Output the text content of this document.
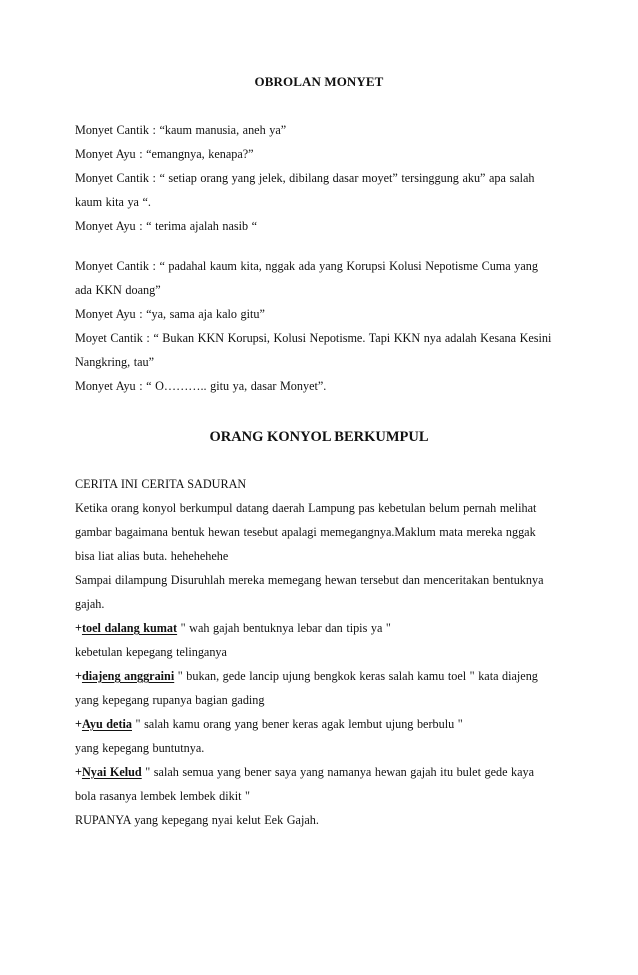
OBROLAN MONYET

Monyet Cantik : “kaum manusia, aneh ya”

Monyet Ayu : “emangnya, kenapa?”

Monyet Cantik : “ setiap orang yang jelek, dibilang dasar moyet” tersinggung aku” apa salah

kaum kita ya “.

Monyet Ayu : “ terima ajalah nasib “

Monyet Cantik : “ padahal kaum kita, nggak ada yang Korupsi Kolusi Nepotisme Cuma yang

ada KKN doang”

Monyet Ayu : “ya, sama aja kalo gitu”

Moyet Cantik : “ Bukan KKN Korupsi, Kolusi Nepotisme. Tapi KKN nya adalah Kesana Kesini

Nangkring, tau”

Monyet Ayu : “ O……….. gitu ya, dasar Monyet”.

ORANG KONYOL BERKUMPUL

CERITA INI CERITA SADURAN

Ketika orang konyol berkumpul datang daerah Lampung pas kebetulan belum pernah melihat

gambar bagaimana bentuk hewan tesebut apalagi memegangnya.Maklum mata mereka nggak

bisa liat alias buta. hehehehehe

Sampai dilampung Disuruhlah mereka memegang hewan tersebut dan menceritakan bentuknya

gajah.

+toel dalang kumat " wah gajah bentuknya lebar dan tipis ya "

kebetulan kepegang telinganya

+diajeng anggraini " bukan, gede lancip ujung bengkok keras salah kamu toel " kata diajeng

yang kepegang rupanya bagian gading

+Ayu detia " salah kamu orang yang bener keras agak lembut ujung berbulu "

yang kepegang buntutnya.

+Nyai Kelud " salah semua yang bener saya yang namanya hewan gajah itu bulet gede kaya

bola rasanya lembek lembek dikit "

RUPANYA yang kepegang nyai kelut Eek Gajah.
